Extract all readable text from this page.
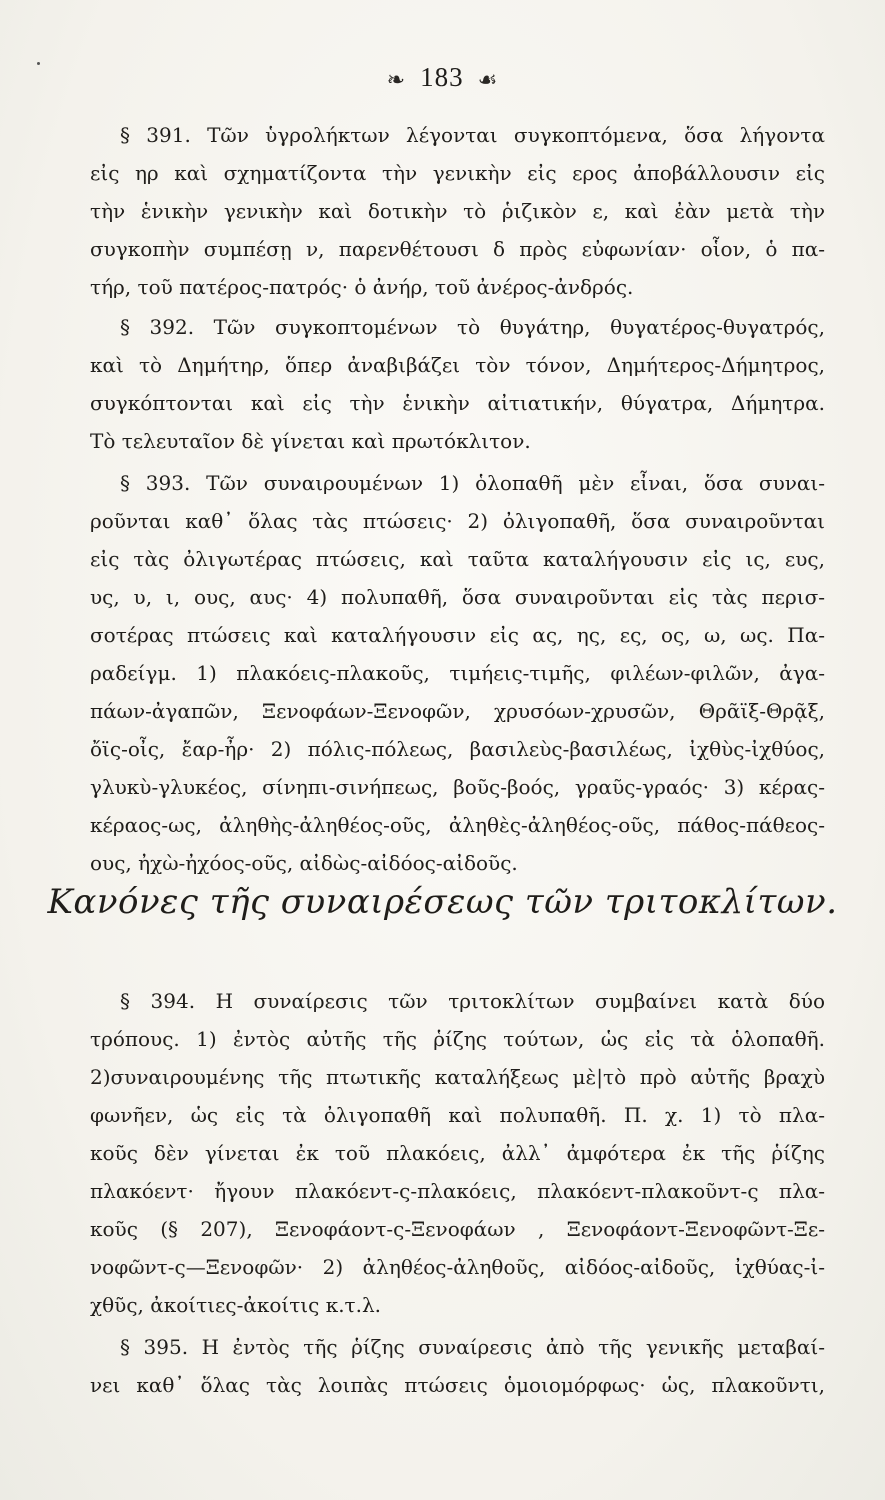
❧ 183 ☙
§ 391. Τῶν ὑγρολήκτων λέγονται συγκοπτόμενα, ὅσα λήγοντα
εἰς ηρ καὶ σχηματίζοντα τὴν γενικὴν εἰς ερος ἀποβάλλουσιν εἰς
τὴν ἑνικὴν γενικὴν καὶ δοτικὴν τὸ ῥιζικὸν ε, καὶ ἐὰν μετὰ τὴν
συγκοπὴν συμπέσῃ ν, παρενθέτουσι δ πρὸς εὐφωνίαν· οἷον, ὁ πα-
τήρ, τοῦ πατέρος-πατρός· ὁ ἀνήρ, τοῦ ἀνέρος-ἀνδρός.
§ 392. Τῶν συγκοπτομένων τὸ θυγάτηρ, θυγατέρος-θυγατρός,
καὶ τὸ Δημήτηρ, ὅπερ ἀναβιβάζει τὸν τόνον, Δημήτερος-Δήμητρος,
συγκόπτονται καὶ εἰς τὴν ἑνικὴν αἰτιατικήν, θύγατρα, Δήμητρα.
Τὸ τελευταῖον δὲ γίνεται καὶ πρωτόκλιτον.
§ 393. Τῶν συναιρουμένων 1) ὁλοπαθῆ μὲν εἶναι, ὅσα συναι-
ροῦνται καθ᾽ ὅλας τὰς πτώσεις· 2) ὀλιγοπαθῆ, ὅσα συναιροῦνται
εἰς τὰς ὀλιγωτέρας πτώσεις, καὶ ταῦτα καταλήγουσιν εἰς ις, ευς,
υς, υ, ι, ους, αυς· 4) πολυπαθῆ, ὅσα συναιροῦνται εἰς τὰς περισ-
σοτέρας πτώσεις καὶ καταλήγουσιν εἰς ας, ης, ες, ος, ω, ως. Πα-
ραδείγμ. 1) πλακόεις-πλακοῦς, τιμήεις-τιμῆς, φιλέων-φιλῶν, ἀγα-
πάων-ἀγαπῶν, Ξενοφάων-Ξενοφῶν, χρυσόων-χρυσῶν, Θρᾶϊξ-Θρᾷξ,
ὄϊς-οἶς, ἔαρ-ἦρ· 2) πόλις-πόλεως, βασιλεὺς-βασιλέως, ἰχθὺς-ἰχθύος,
γλυκὺ-γλυκέος, σίνηπι-σινήπεως, βοῦς-βοός, γραῦς-γραός· 3) κέρας-
κέραος-ως, ἀληθὴς-ἀληθέος-οῦς, ἀληθὲς-ἀληθέος-οῦς, πάθος-πάθεος-
ους, ἠχὼ-ἠχόος-οῦς, αἰδὼς-αἰδόος-αἰδοῦς.
Κανόνες τῆς συναιρέσεως τῶν τριτοκλίτων.
§ 394. Η συναίρεσις τῶν τριτοκλίτων συμβαίνει κατὰ δύο
τρόπους. 1) ἐντὸς αὐτῆς τῆς ῥίζης τούτων, ὡς εἰς τὰ ὁλοπαθῆ.
2)συναιρουμένης τῆς πτωτικῆς καταλήξεως μὲ|τὸ πρὸ αὐτῆς βραχὺ
φωνῆεν, ὡς εἰς τὰ ὀλιγοπαθῆ καὶ πολυπαθῆ. Π. χ. 1) τὸ πλα-
κοῦς δὲν γίνεται ἐκ τοῦ πλακόεις, ἀλλ᾽ ἀμφότερα ἐκ τῆς ῥίζης
πλακόεντ· ἤγουν πλακόεντ-ς-πλακόεις, πλακόεντ-πλακοῦντ-ς πλα-
κοῦς (§ 207), Ξενοφάοντ-ς-Ξενοφάων , Ξενοφάοντ-Ξενοφῶντ-Ξε-
νοφῶντ-ς—Ξενοφῶν· 2) ἀληθέος-ἀληθοῦς, αἰδόος-αἰδοῦς, ἰχθύας-ἰ-
χθῦς, ἀκοίτιες-ἀκοίτις κ.τ.λ.
§ 395. Η ἐντὸς τῆς ῥίζης συναίρεσις ἀπὸ τῆς γενικῆς μεταβαί-
νει καθ᾽ ὅλας τὰς λοιπὰς πτώσεις ὁμοιομόρφως· ὡς, πλακοῦντι,
